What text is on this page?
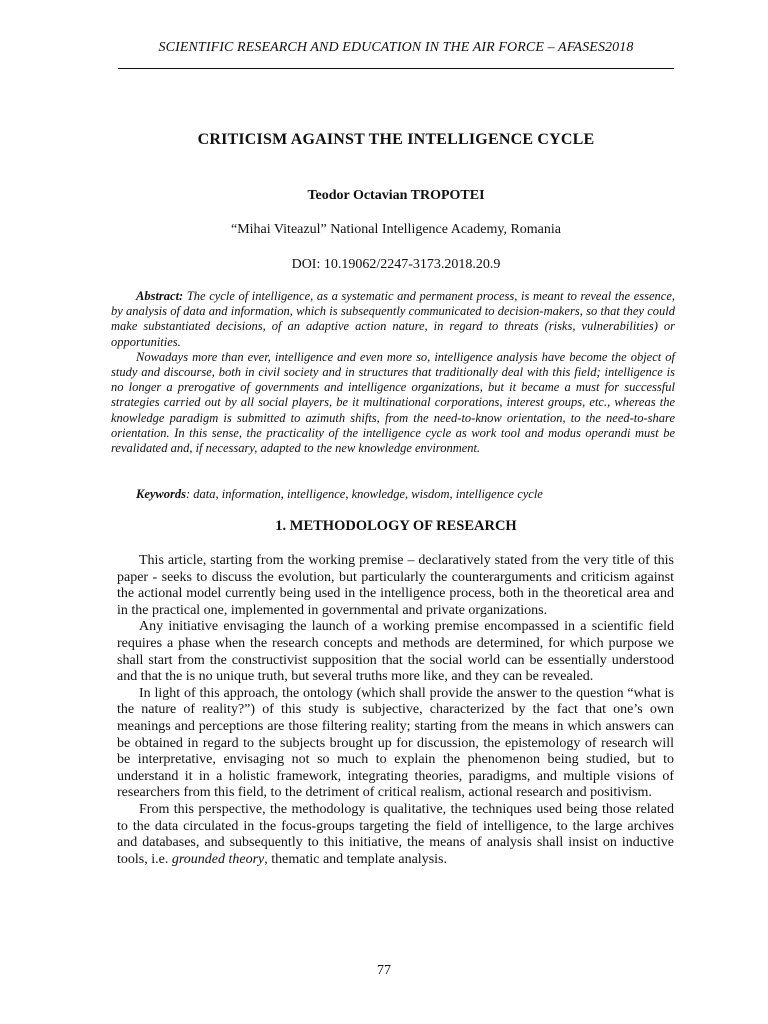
SCIENTIFIC RESEARCH AND EDUCATION IN THE AIR FORCE – AFASES2018
CRITICISM AGAINST THE INTELLIGENCE CYCLE
Teodor Octavian TROPOTEI
“Mihai Viteazul” National Intelligence Academy, Romania
DOI: 10.19062/2247-3173.2018.20.9

Abstract: The cycle of intelligence, as a systematic and permanent process, is meant to reveal the essence, by analysis of data and information, which is subsequently communicated to decision-makers, so that they could make substantiated decisions, of an adaptive action nature, in regard to threats (risks, vulnerabilities) or opportunities.

Nowadays more than ever, intelligence and even more so, intelligence analysis have become the object of study and discourse, both in civil society and in structures that traditionally deal with this field; intelligence is no longer a prerogative of governments and intelligence organizations, but it became a must for successful strategies carried out by all social players, be it multinational corporations, interest groups, etc., whereas the knowledge paradigm is submitted to azimuth shifts, from the need-to-know orientation, to the need-to-share orientation. In this sense, the practicality of the intelligence cycle as work tool and modus operandi must be revalidated and, if necessary, adapted to the new knowledge environment.

Keywords: data, information, intelligence, knowledge, wisdom, intelligence cycle

1. METHODOLOGY OF RESEARCH

This article, starting from the working premise – declaratively stated from the very title of this paper - seeks to discuss the evolution, but particularly the counterarguments and criticism against the actional model currently being used in the intelligence process, both in the theoretical area and in the practical one, implemented in governmental and private organizations.

Any initiative envisaging the launch of a working premise encompassed in a scientific field requires a phase when the research concepts and methods are determined, for which purpose we shall start from the constructivist supposition that the social world can be essentially understood and that the is no unique truth, but several truths more like, and they can be revealed.

In light of this approach, the ontology (which shall provide the answer to the question “what is the nature of reality?”) of this study is subjective, characterized by the fact that one’s own meanings and perceptions are those filtering reality; starting from the means in which answers can be obtained in regard to the subjects brought up for discussion, the epistemology of research will be interpretative, envisaging not so much to explain the phenomenon being studied, but to understand it in a holistic framework, integrating theories, paradigms, and multiple visions of researchers from this field, to the detriment of critical realism, actional research and positivism.

From this perspective, the methodology is qualitative, the techniques used being those related to the data circulated in the focus-groups targeting the field of intelligence, to the large archives and databases, and subsequently to this initiative, the means of analysis shall insist on inductive tools, i.e. grounded theory, thematic and template analysis.

77
